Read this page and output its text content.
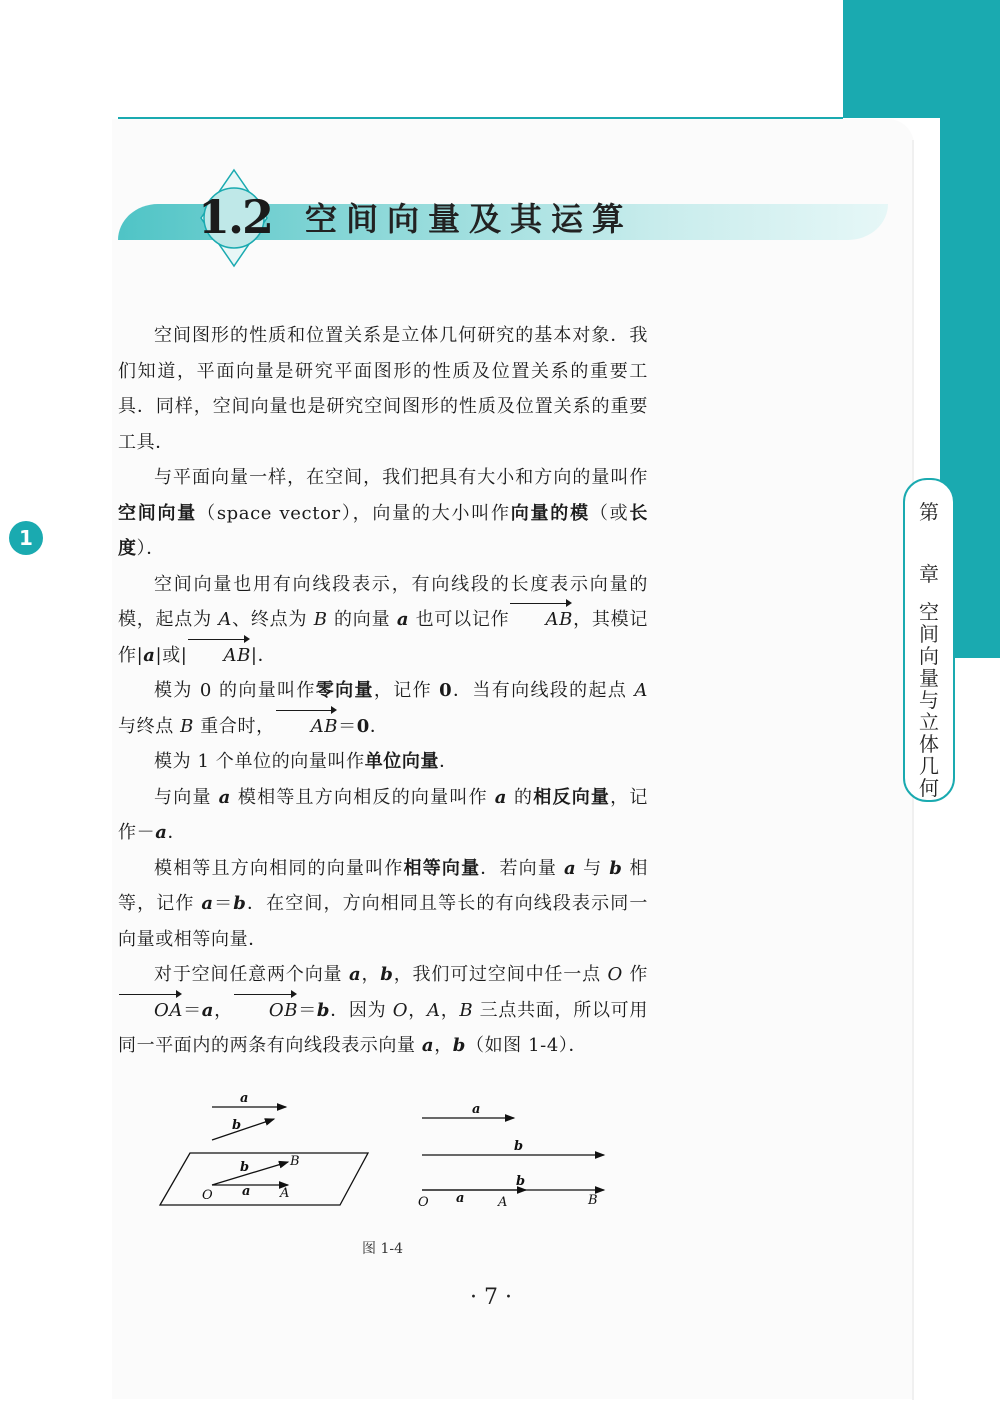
1.2 空间向量及其运算

空间图形的性质和位置关系是立体几何研究的基本对象．我们知道，平面向量是研究平面图形的性质及位置关系的重要工具．同样，空间向量也是研究空间图形的性质及位置关系的重要工具．

与平面向量一样，在空间，我们把具有大小和方向的量叫作空间向量（space vector），向量的大小叫作向量的模（或长度）．

空间向量也用有向线段表示，有向线段的长度表示向量的模，起点为 A、终点为 B 的向量 a 也可以记作 AB，其模记作|a|或| AB|．

模为 0 的向量叫作零向量，记作 0．当有向线段的起点 A 与终点 B 重合时， AB＝0．

模为 1 个单位的向量叫作单位向量．

与向量 a 模相等且方向相反的向量叫作 a 的相反向量，记作－a．

模相等且方向相同的向量叫作相等向量．若向量 a 与 b 相等，记作 a＝b．在空间，方向相同且等长的有向线段表示同一向量或相等向量．

对于空间任意两个向量 a，b，我们可过空间中任一点 O 作OA＝a， OB＝b．因为 O，A，B 三点共面，所以可用同一平面内的两条有向线段表示向量 a，b（如图 1-4）．

a
b
b
a
O	A
B
a
b
b
a
O	A	B
图 1-4
· 7 ·
第
章
空
间
向
量
与
立
体
几
何
1
